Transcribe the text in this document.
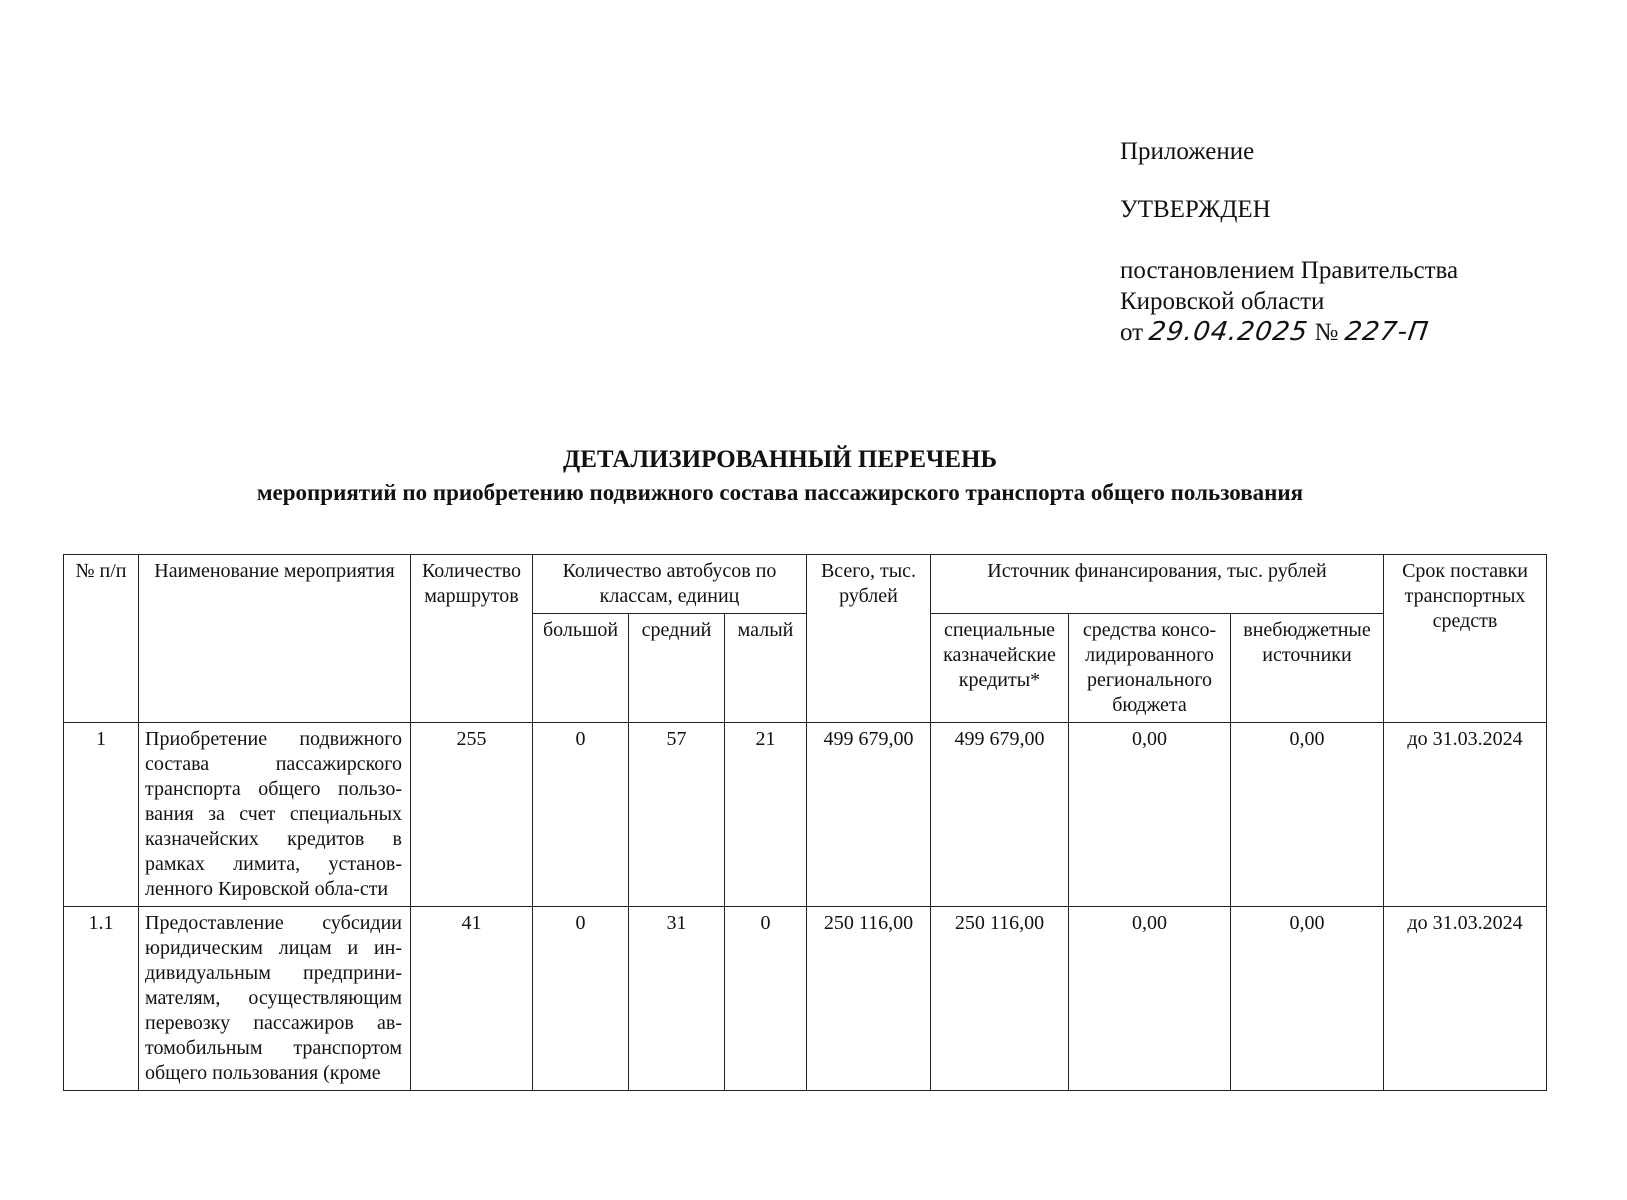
Приложение
УТВЕРЖДЕН
постановлением Правительства
Кировской области
от 29.04.2025 № 227-П
ДЕТАЛИЗИРОВАННЫЙ ПЕРЕЧЕНЬ
мероприятий по приобретению подвижного состава пассажирского транспорта общего пользования
№ п/п	Наименование мероприятия	Количество маршрутов	Количество автобусов по классам, единиц			Всего, тыс. рублей	Источник финансирования, тыс. рублей			Срок поставки транспортных средств
			большой	средний	малый		специальные казначейские кредиты*	средства консо-лидированного регионального бюджета	внебюджетные источники	
1	Приобретение подвижного состава пассажирского транспорта общего пользо-вания за счет специальных казначейских кредитов в рамках лимита, установ-ленного Кировской обла-сти	255	0	57	21	499 679,00	499 679,00	0,00	0,00	до 31.03.2024
1.1	Предоставление субсидии юридическим лицам и ин-дивидуальным предприни-мателям, осуществляющим перевозку пассажиров ав-томобильным транспортом общего пользования (кроме	41	0	31	0	250 116,00	250 116,00	0,00	0,00	до 31.03.2024
